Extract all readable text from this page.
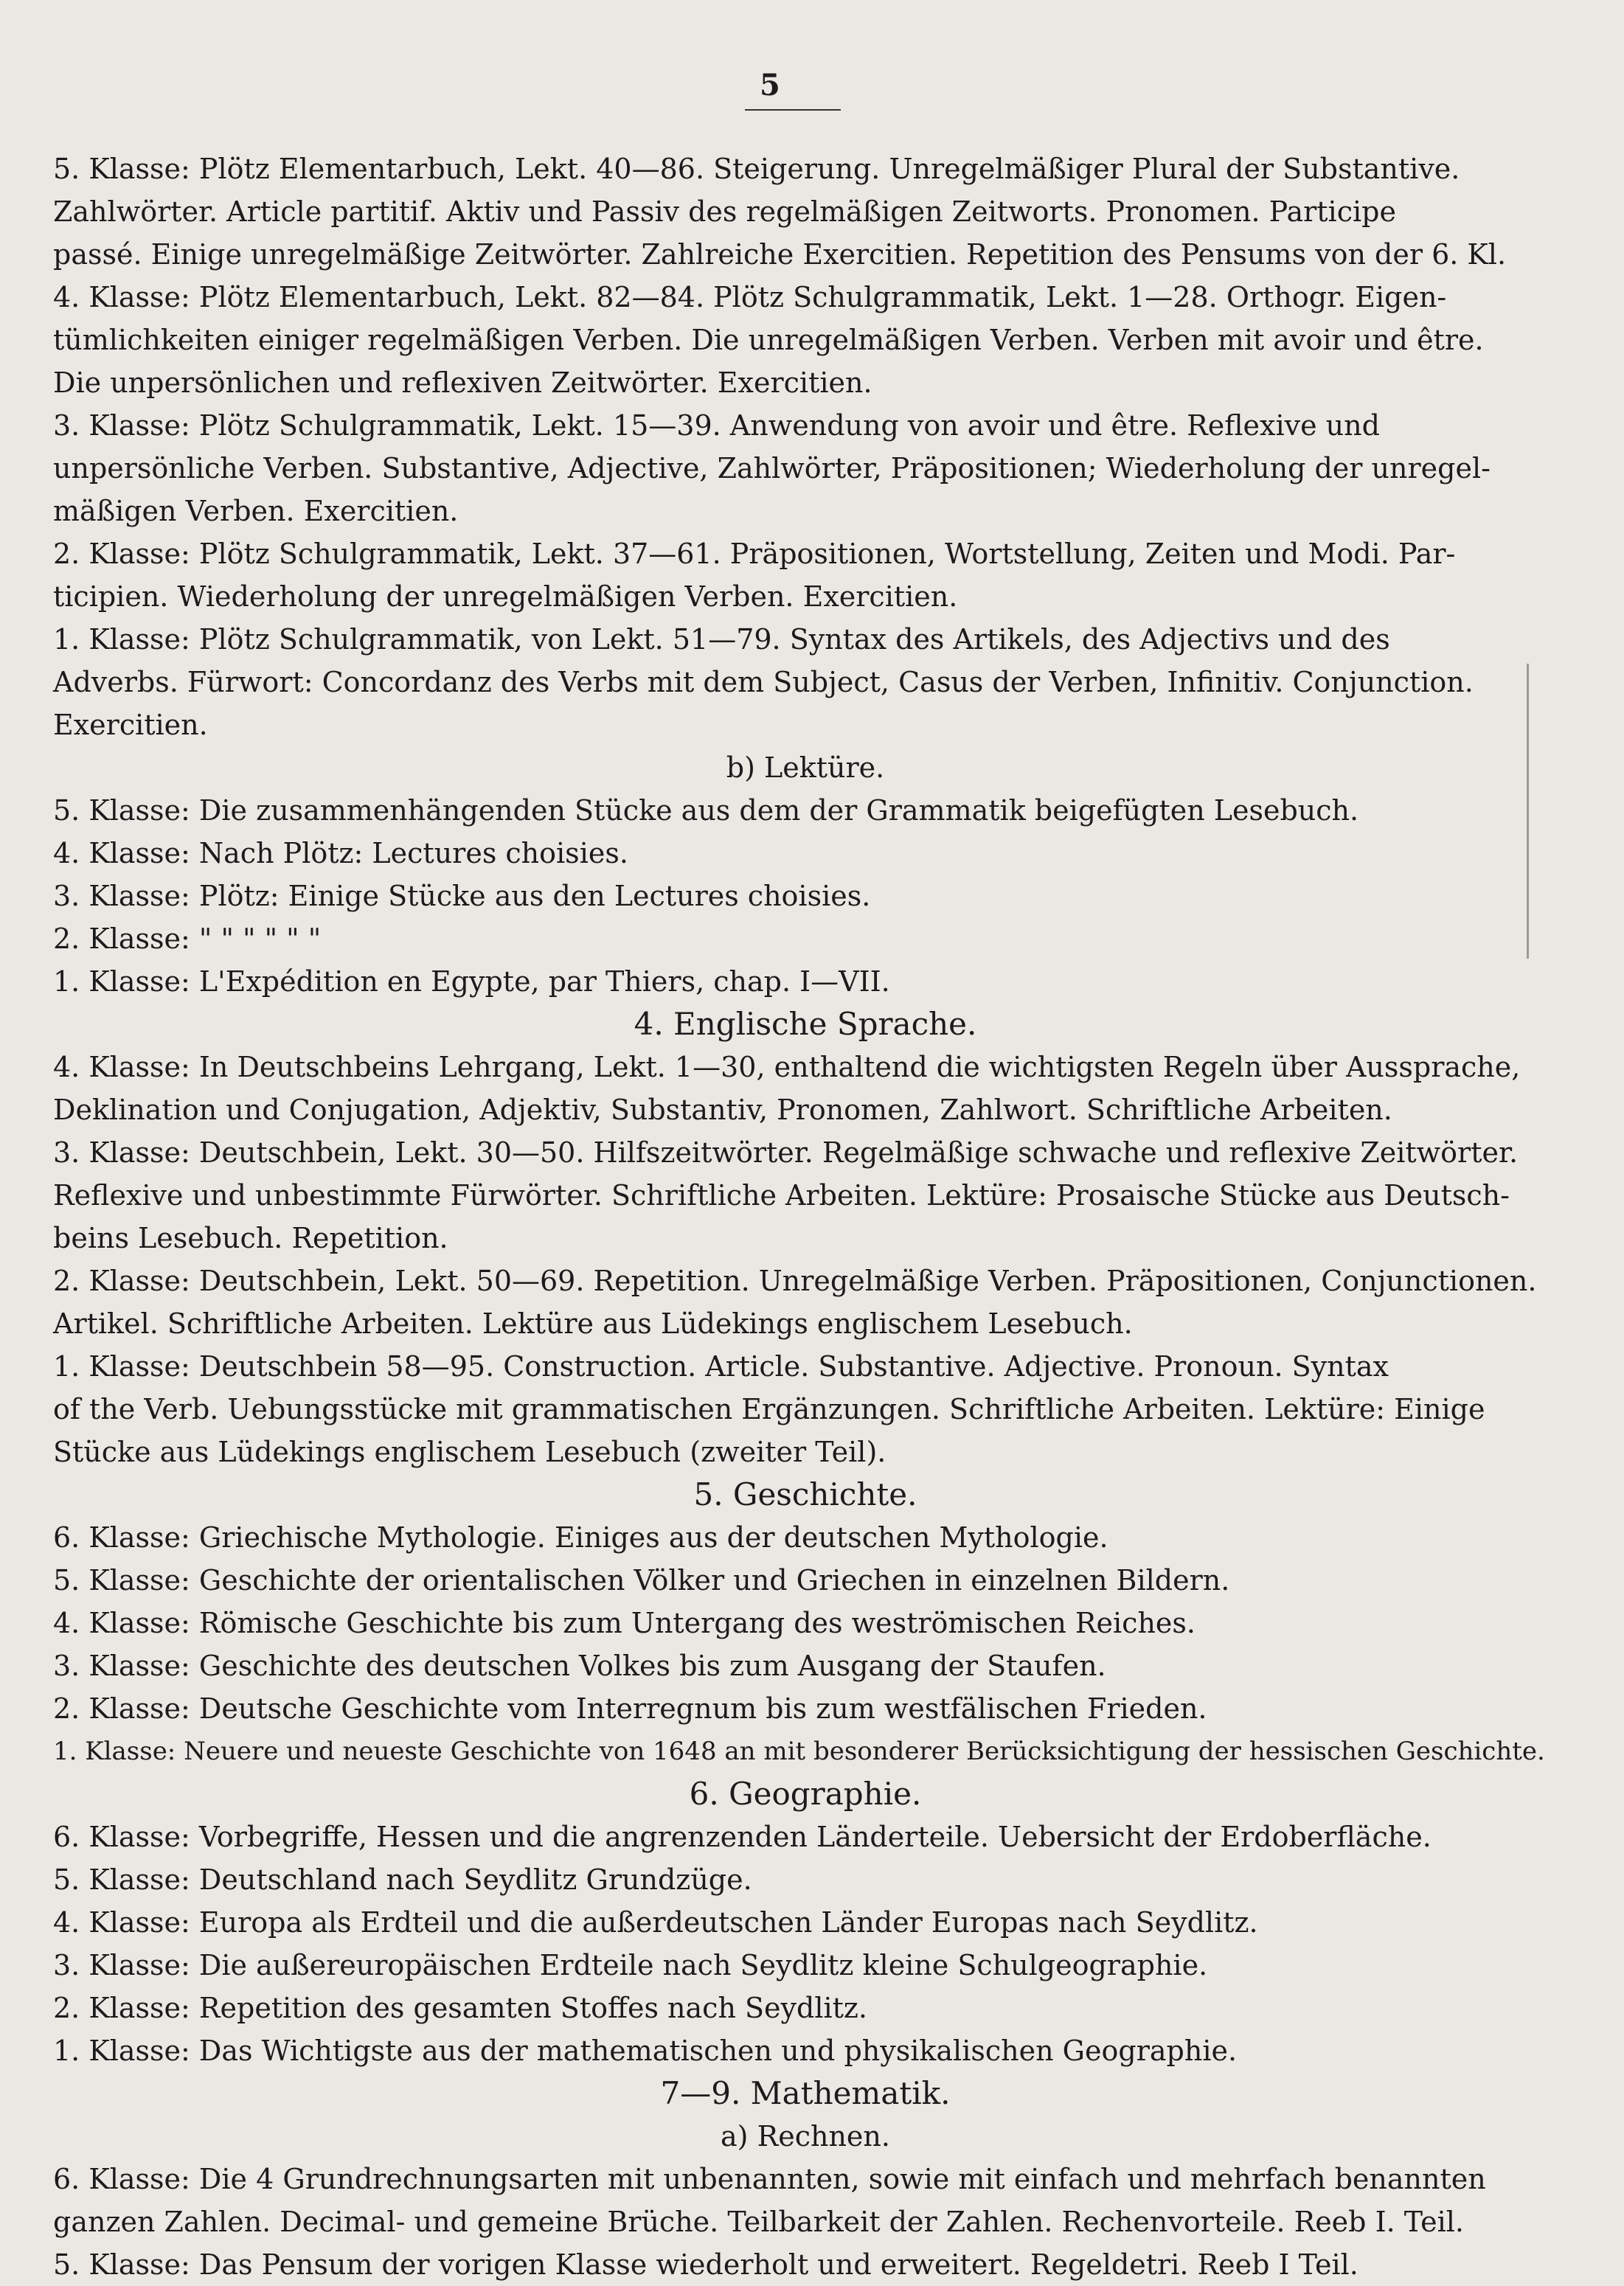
5
5. Klasse: Plötz Elementarbuch, Lekt. 40—86. Steigerung. Unregelmäßiger Plural der Substantive.
Zahlwörter. Article partitif. Aktiv und Passiv des regelmäßigen Zeitworts. Pronomen. Participe
passé. Einige unregelmäßige Zeitwörter. Zahlreiche Exercitien. Repetition des Pensums von der 6. Kl.
4. Klasse: Plötz Elementarbuch, Lekt. 82—84. Plötz Schulgrammatik, Lekt. 1—28. Orthogr. Eigen-
tümlichkeiten einiger regelmäßigen Verben. Die unregelmäßigen Verben. Verben mit avoir und être.
Die unpersönlichen und reflexiven Zeitwörter. Exercitien.
3. Klasse: Plötz Schulgrammatik, Lekt. 15—39. Anwendung von avoir und être. Reflexive und
unpersönliche Verben. Substantive, Adjective, Zahlwörter, Präpositionen; Wiederholung der unregel-
mäßigen Verben. Exercitien.
2. Klasse: Plötz Schulgrammatik, Lekt. 37—61. Präpositionen, Wortstellung, Zeiten und Modi. Par-
ticipien. Wiederholung der unregelmäßigen Verben. Exercitien.
1. Klasse: Plötz Schulgrammatik, von Lekt. 51—79. Syntax des Artikels, des Adjectivs und des
Adverbs. Fürwort: Concordanz des Verbs mit dem Subject, Casus der Verben, Infinitiv. Conjunction.
Exercitien.
b) Lektüre.
5. Klasse: Die zusammenhängenden Stücke aus dem der Grammatik beigefügten Lesebuch.
4. Klasse: Nach Plötz: Lectures choisies.
3. Klasse: Plötz: Einige Stücke aus den Lectures choisies.
2. Klasse: " " " " " "
1. Klasse: L'Expédition en Egypte, par Thiers, chap. I—VII.
4. Englische Sprache.
4. Klasse: In Deutschbeins Lehrgang, Lekt. 1—30, enthaltend die wichtigsten Regeln über Aussprache,
Deklination und Conjugation, Adjektiv, Substantiv, Pronomen, Zahlwort. Schriftliche Arbeiten.
3. Klasse: Deutschbein, Lekt. 30—50. Hilfszeitwörter. Regelmäßige schwache und reflexive Zeitwörter.
Reflexive und unbestimmte Fürwörter. Schriftliche Arbeiten. Lektüre: Prosaische Stücke aus Deutsch-
beins Lesebuch. Repetition.
2. Klasse: Deutschbein, Lekt. 50—69. Repetition. Unregelmäßige Verben. Präpositionen, Conjunctionen.
Artikel. Schriftliche Arbeiten. Lektüre aus Lüdekings englischem Lesebuch.
1. Klasse: Deutschbein 58—95. Construction. Article. Substantive. Adjective. Pronoun. Syntax
of the Verb. Uebungsstücke mit grammatischen Ergänzungen. Schriftliche Arbeiten. Lektüre: Einige
Stücke aus Lüdekings englischem Lesebuch (zweiter Teil).
5. Geschichte.
6. Klasse: Griechische Mythologie. Einiges aus der deutschen Mythologie.
5. Klasse: Geschichte der orientalischen Völker und Griechen in einzelnen Bildern.
4. Klasse: Römische Geschichte bis zum Untergang des weströmischen Reiches.
3. Klasse: Geschichte des deutschen Volkes bis zum Ausgang der Staufen.
2. Klasse: Deutsche Geschichte vom Interregnum bis zum westfälischen Frieden.
1. Klasse: Neuere und neueste Geschichte von 1648 an mit besonderer Berücksichtigung der hessischen Geschichte.
6. Geographie.
6. Klasse: Vorbegriffe, Hessen und die angrenzenden Länderteile. Uebersicht der Erdoberfläche.
5. Klasse: Deutschland nach Seydlitz Grundzüge.
4. Klasse: Europa als Erdteil und die außerdeutschen Länder Europas nach Seydlitz.
3. Klasse: Die außereuropäischen Erdteile nach Seydlitz kleine Schulgeographie.
2. Klasse: Repetition des gesamten Stoffes nach Seydlitz.
1. Klasse: Das Wichtigste aus der mathematischen und physikalischen Geographie.
7—9. Mathematik.
a) Rechnen.
6. Klasse: Die 4 Grundrechnungsarten mit unbenannten, sowie mit einfach und mehrfach benannten
ganzen Zahlen. Decimal- und gemeine Brüche. Teilbarkeit der Zahlen. Rechenvorteile. Reeb I. Teil.
5. Klasse: Das Pensum der vorigen Klasse wiederholt und erweitert. Regeldetri. Reeb I Teil.
